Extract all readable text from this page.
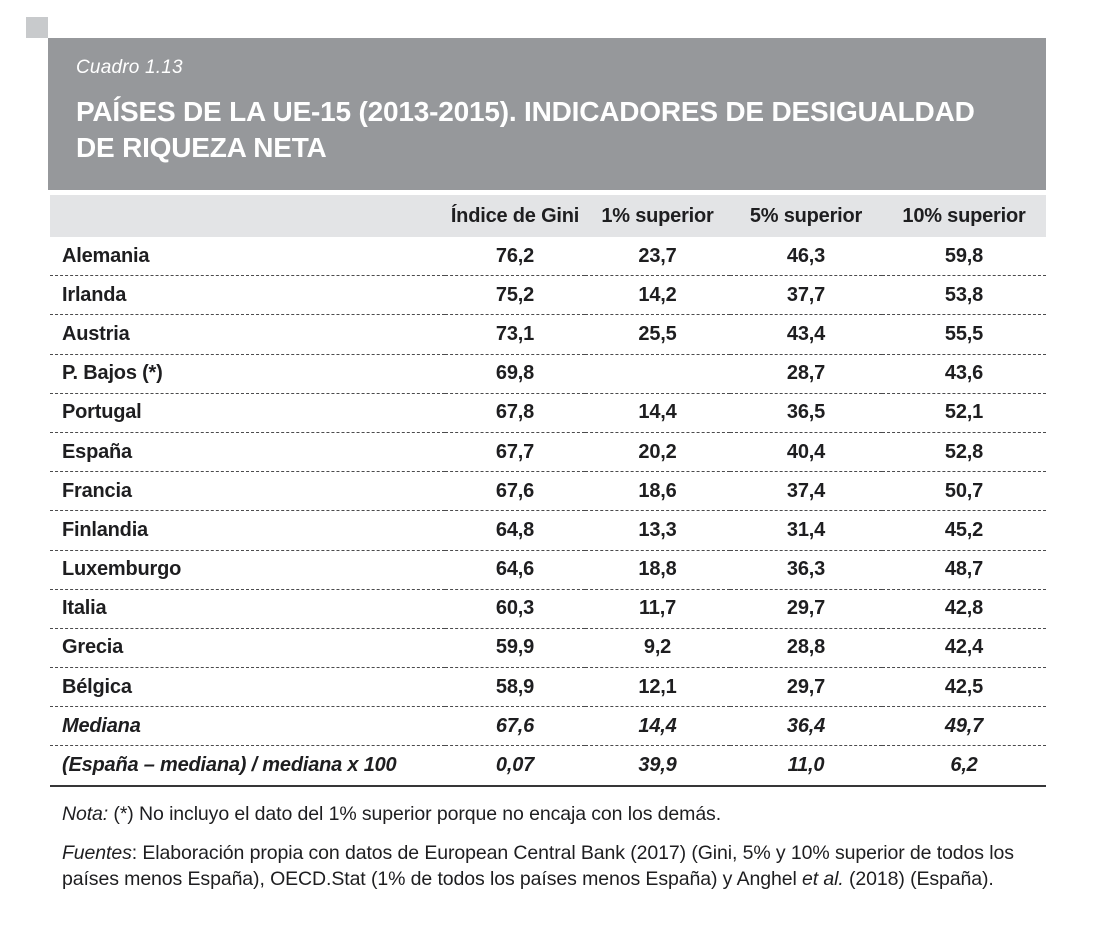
Cuadro 1.13
PAÍSES DE LA UE-15 (2013-2015). INDICADORES DE DESIGUALDAD
DE RIQUEZA NETA
	Índice de Gini	1% superior	5% superior	10% superior
Alemania	76,2	23,7	46,3	59,8
Irlanda	75,2	14,2	37,7	53,8
Austria	73,1	25,5	43,4	55,5
P. Bajos (*)	69,8		28,7	43,6
Portugal	67,8	14,4	36,5	52,1
España	67,7	20,2	40,4	52,8
Francia	67,6	18,6	37,4	50,7
Finlandia	64,8	13,3	31,4	45,2
Luxemburgo	64,6	18,8	36,3	48,7
Italia	60,3	11,7	29,7	42,8
Grecia	59,9	9,2	28,8	42,4
Bélgica	58,9	12,1	29,7	42,5
Mediana	67,6	14,4	36,4	49,7
(España – mediana) / mediana x 100	0,07	39,9	11,0	6,2

Nota: (*) No incluyo el dato del 1% superior porque no encaja con los demás.

Fuentes: Elaboración propia con datos de European Central Bank (2017) (Gini, 5% y 10% superior de todos los países menos España), OECD.Stat (1% de todos los países menos España) y Anghel et al. (2018) (España).
